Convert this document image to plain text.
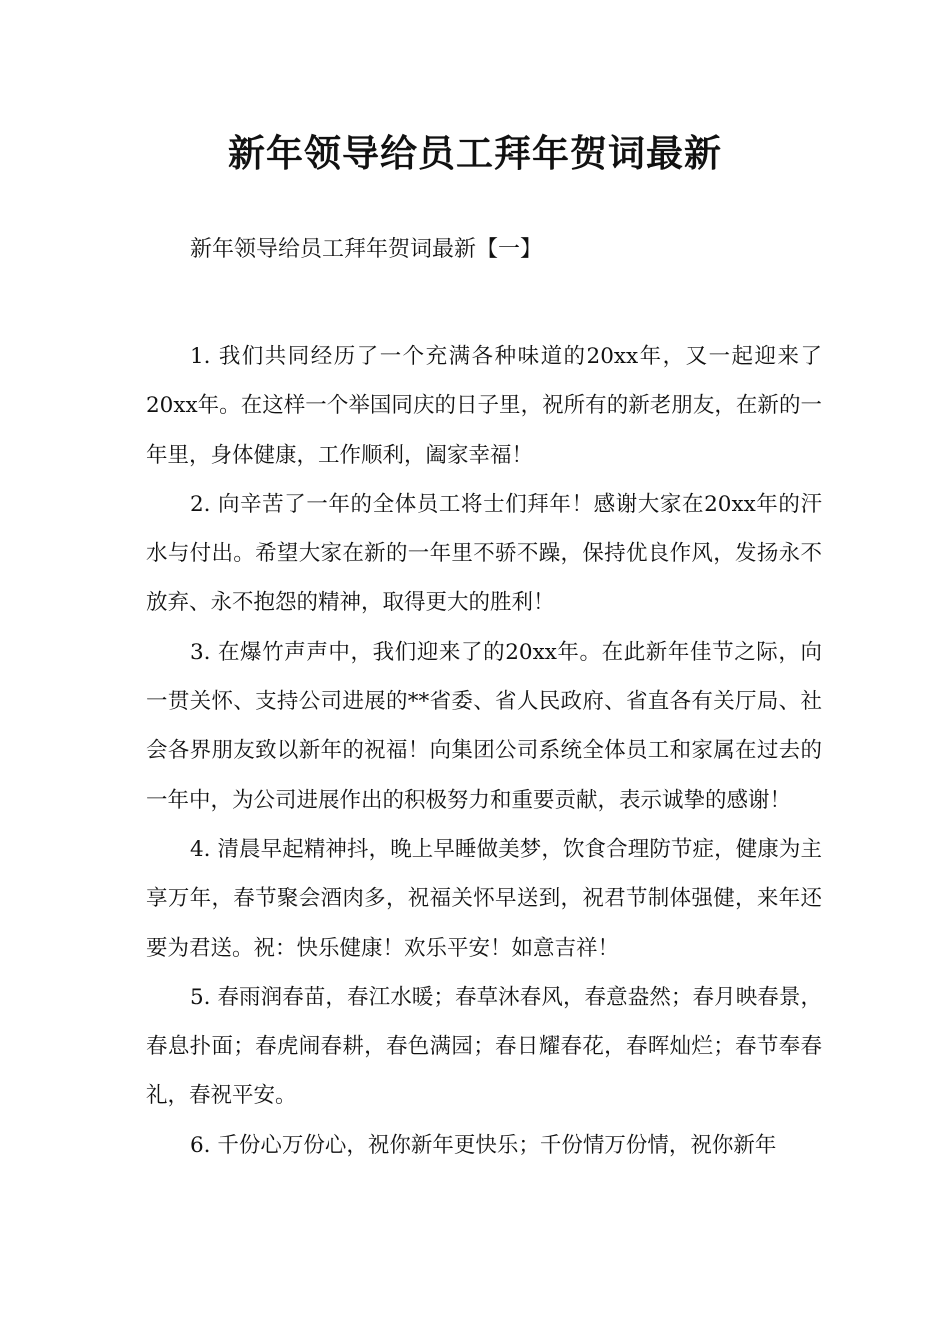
新年领导给员工拜年贺词最新

新年领导给员工拜年贺词最新【一】

1. 我们共同经历了一个充满各种味道的20xx年，又一起迎来了20xx年。在这样一个举国同庆的日子里，祝所有的新老朋友，在新的一年里，身体健康，工作顺利，阖家幸福！

2. 向辛苦了一年的全体员工将士们拜年！感谢大家在20xx年的汗水与付出。希望大家在新的一年里不骄不躁，保持优良作风，发扬永不放弃、永不抱怨的精神，取得更大的胜利！

3. 在爆竹声声中，我们迎来了的20xx年。在此新年佳节之际，向一贯关怀、支持公司进展的**省委、省人民政府、省直各有关厅局、社会各界朋友致以新年的祝福！向集团公司系统全体员工和家属在过去的一年中，为公司进展作出的积极努力和重要贡献，表示诚挚的感谢！

4. 清晨早起精神抖，晚上早睡做美梦，饮食合理防节症，健康为主享万年，春节聚会酒肉多，祝福关怀早送到，祝君节制体强健，来年还要为君送。祝：快乐健康！欢乐平安！如意吉祥！

5. 春雨润春苗，春江水暖；春草沐春风，春意盎然；春月映春景，春息扑面；春虎闹春耕，春色满园；春日耀春花，春晖灿烂；春节奉春礼，春祝平安。

6. 千份心万份心，祝你新年更快乐；千份情万份情，祝你新年
